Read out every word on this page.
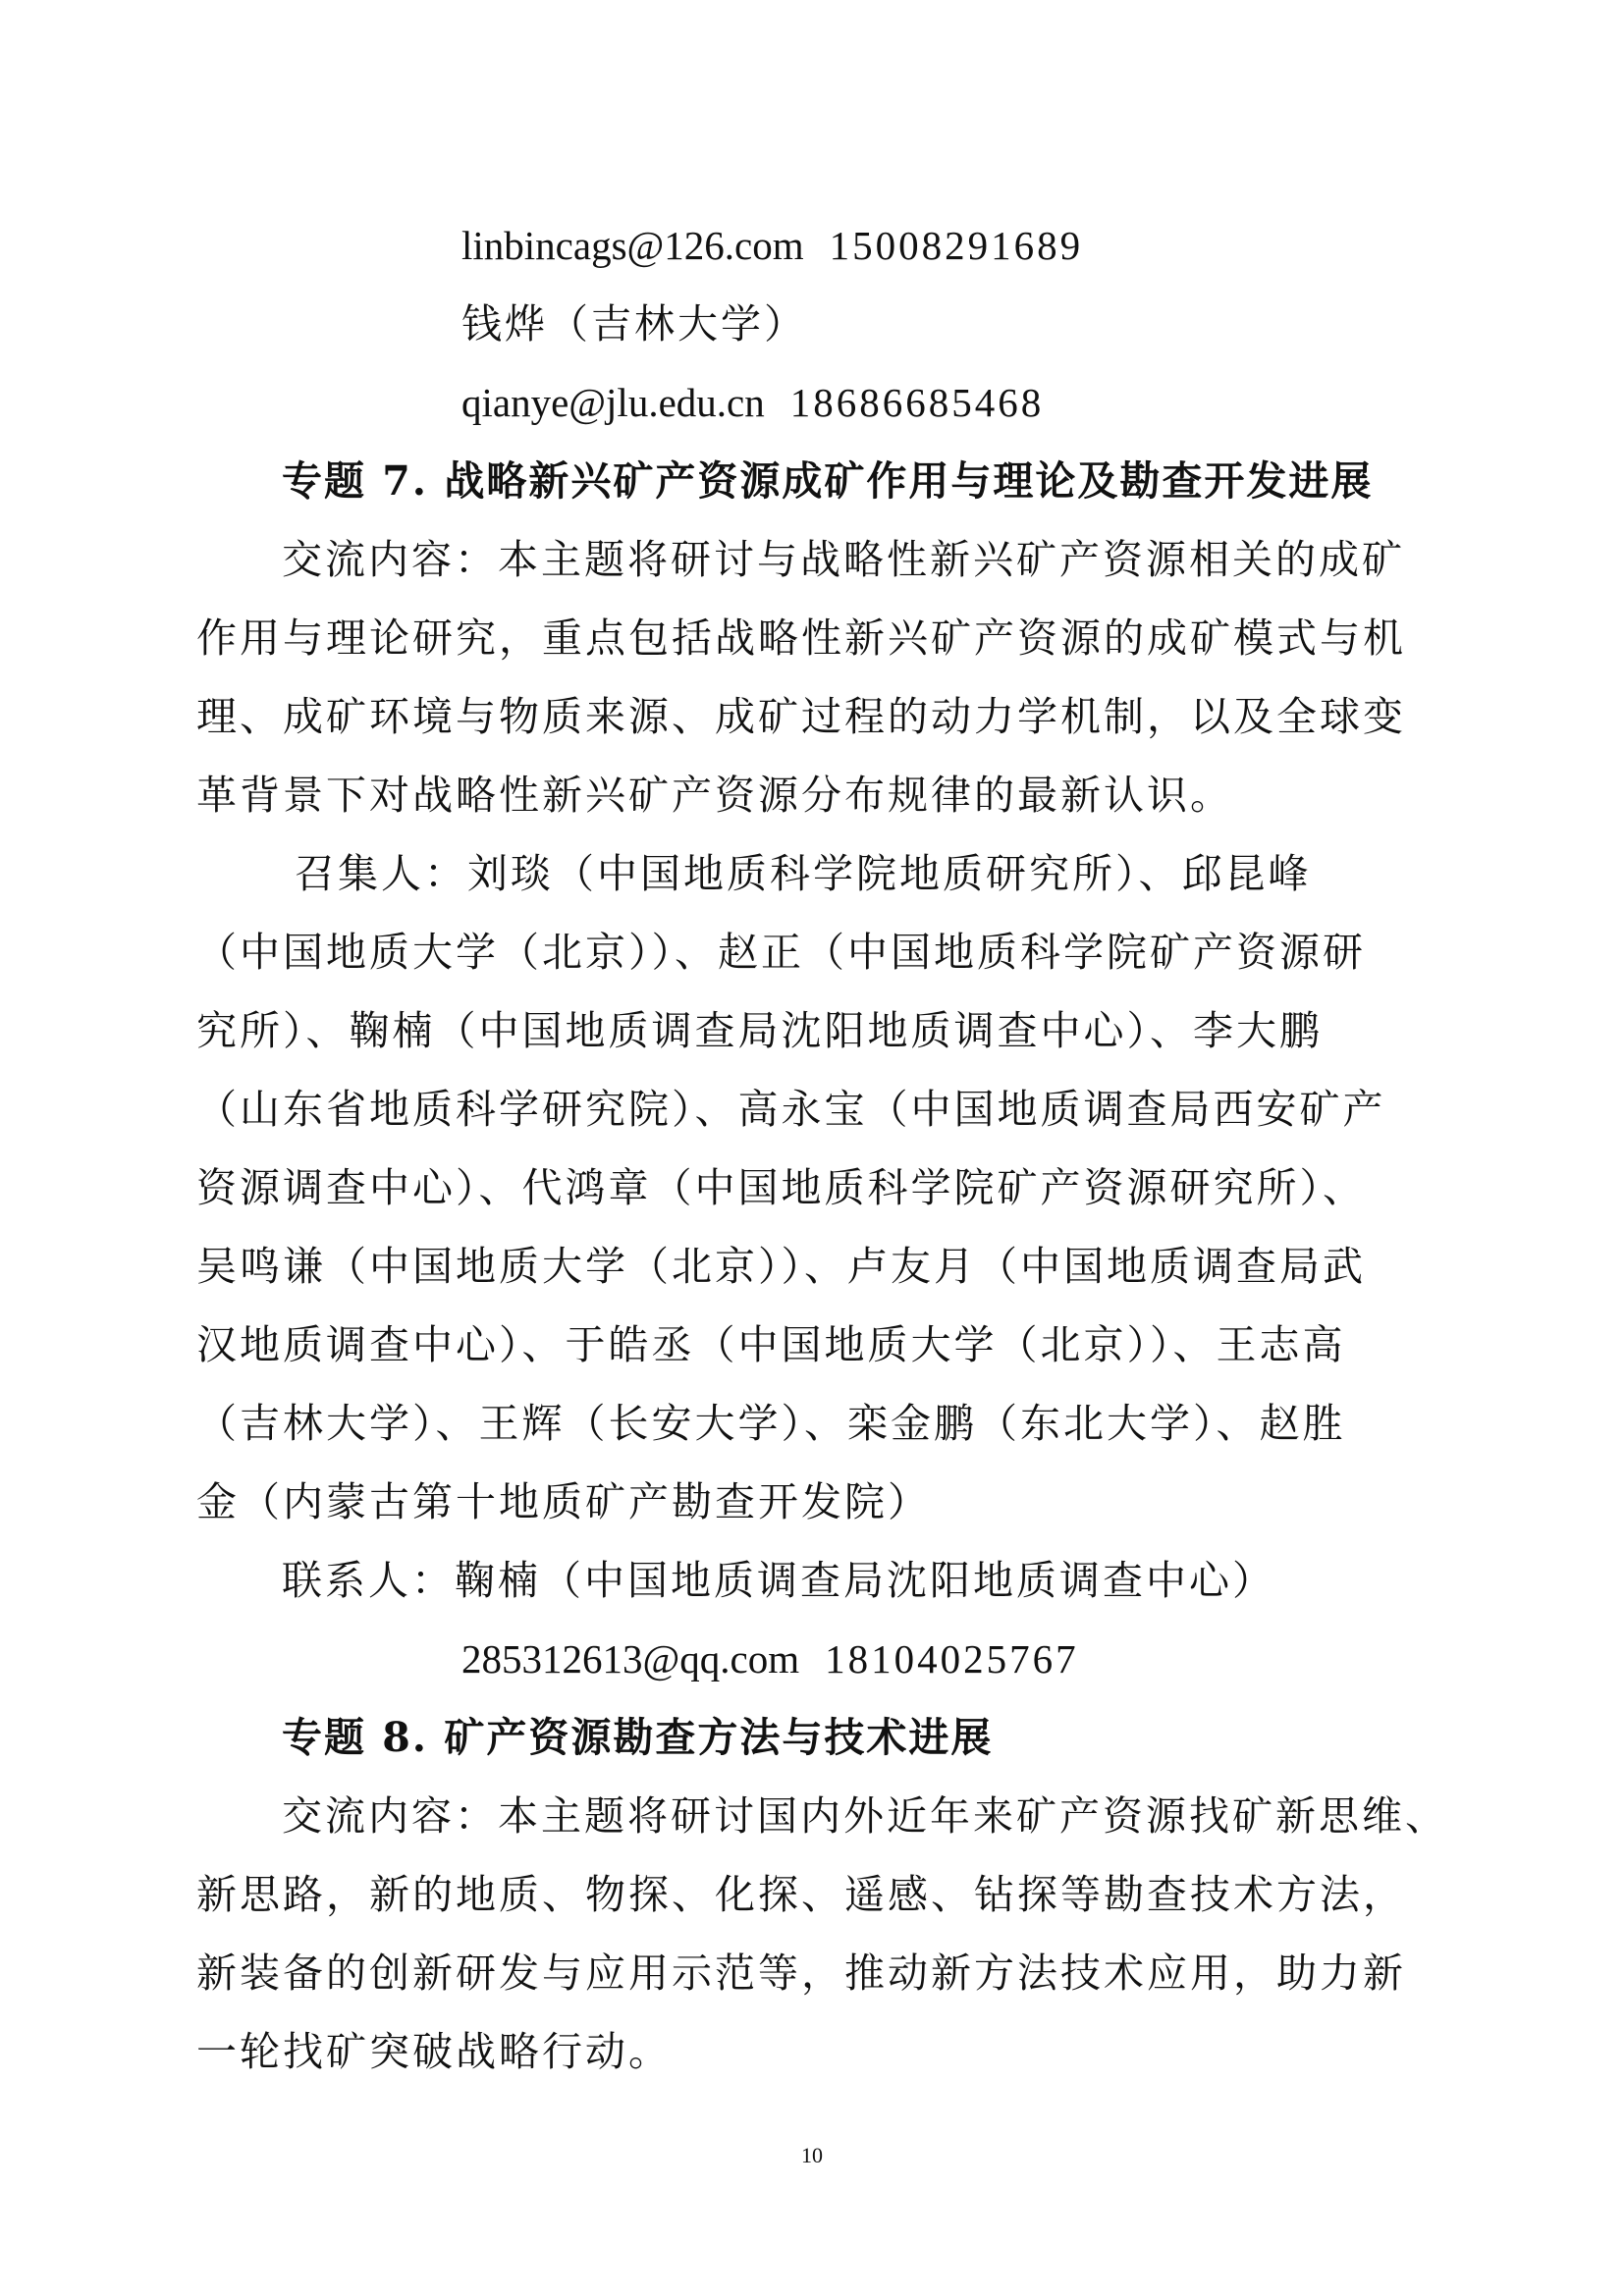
linbincags@126.com 15008291689
钱烨（吉林大学）
qianye@jlu.edu.cn 18686685468
专题 7. 战略新兴矿产资源成矿作用与理论及勘查开发进展
交流内容：本主题将研讨与战略性新兴矿产资源相关的成矿
作用与理论研究，重点包括战略性新兴矿产资源的成矿模式与机
理、成矿环境与物质来源、成矿过程的动力学机制，以及全球变
革背景下对战略性新兴矿产资源分布规律的最新认识。
召集人：刘琰（中国地质科学院地质研究所）、邱昆峰
（中国地质大学（北京））、赵正（中国地质科学院矿产资源研
究所）、鞠楠（中国地质调查局沈阳地质调查中心）、李大鹏
（山东省地质科学研究院）、高永宝（中国地质调查局西安矿产
资源调查中心）、代鸿章（中国地质科学院矿产资源研究所）、
吴鸣谦（中国地质大学（北京））、卢友月（中国地质调查局武
汉地质调查中心）、于皓丞（中国地质大学（北京））、王志高
（吉林大学）、王辉（长安大学）、栾金鹏（东北大学）、赵胜
金（内蒙古第十地质矿产勘查开发院）
联系人：鞠楠（中国地质调查局沈阳地质调查中心）
285312613@qq.com 18104025767
专题 8. 矿产资源勘查方法与技术进展
交流内容：本主题将研讨国内外近年来矿产资源找矿新思维、
新思路，新的地质、物探、化探、遥感、钻探等勘查技术方法，
新装备的创新研发与应用示范等，推动新方法技术应用，助力新
一轮找矿突破战略行动。
10
